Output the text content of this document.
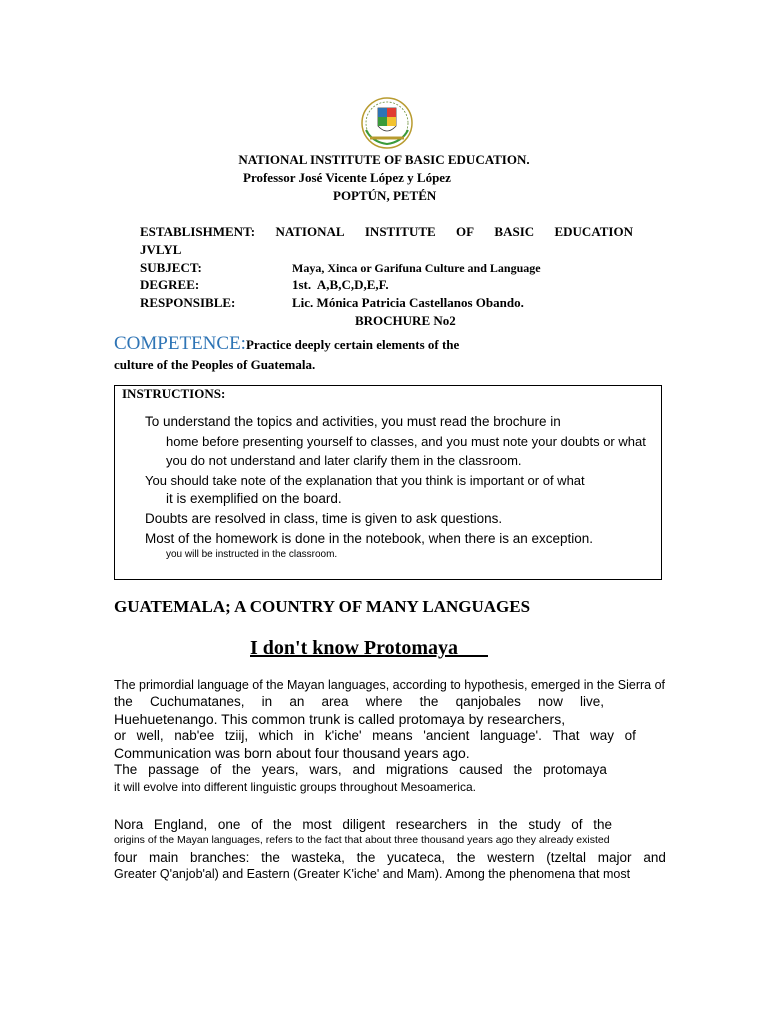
NATIONAL INSTITUTE OF BASIC EDUCATION.
Professor José Vicente López y López
POPTÚN, PETÉN
ESTABLISHMENT: NATIONAL INSTITUTE OF BASIC EDUCATION
JVLYL
SUBJECT:	Maya, Xinca or Garifuna Culture and Language
DEGREE:	1st.  A,B,C,D,E,F.
RESPONSIBLE:	Lic. Mónica Patricia Castellanos Obando.
BROCHURE No2
COMPETENCE:Practice deeply certain elements of the
culture of the Peoples of Guatemala.
INSTRUCTIONS:
To understand the topics and activities, you must read the brochure in
home before presenting yourself to classes, and you must note your doubts or what
you do not understand and later clarify them in the classroom.
You should take note of the explanation that you think is important or of what
it is exemplified on the board.
Doubts are resolved in class, time is given to ask questions.
Most of the homework is done in the notebook, when there is an exception.
you will be instructed in the classroom.
GUATEMALA; A COUNTRY OF MANY LANGUAGES
I don't know Protomaya
The primordial language of the Mayan languages, according to hypothesis, emerged in the Sierra of
the Cuchumatanes, in an area where the qanjobales now live,
Huehuetenango. This common trunk is called protomaya by researchers,
or well, nab'ee tziij, which in k'iche' means 'ancient language'. That way of
Communication was born about four thousand years ago.
The passage of the years, wars, and migrations caused the protomaya
it will evolve into different linguistic groups throughout Mesoamerica.
Nora England, one of the most diligent researchers in the study of the
origins of the Mayan languages, refers to the fact that about three thousand years ago they already existed
four main branches: the wasteka, the yucateca, the western (tzeltal major and
Greater Q'anjob'al) and Eastern (Greater K'iche' and Mam). Among the phenomena that most
